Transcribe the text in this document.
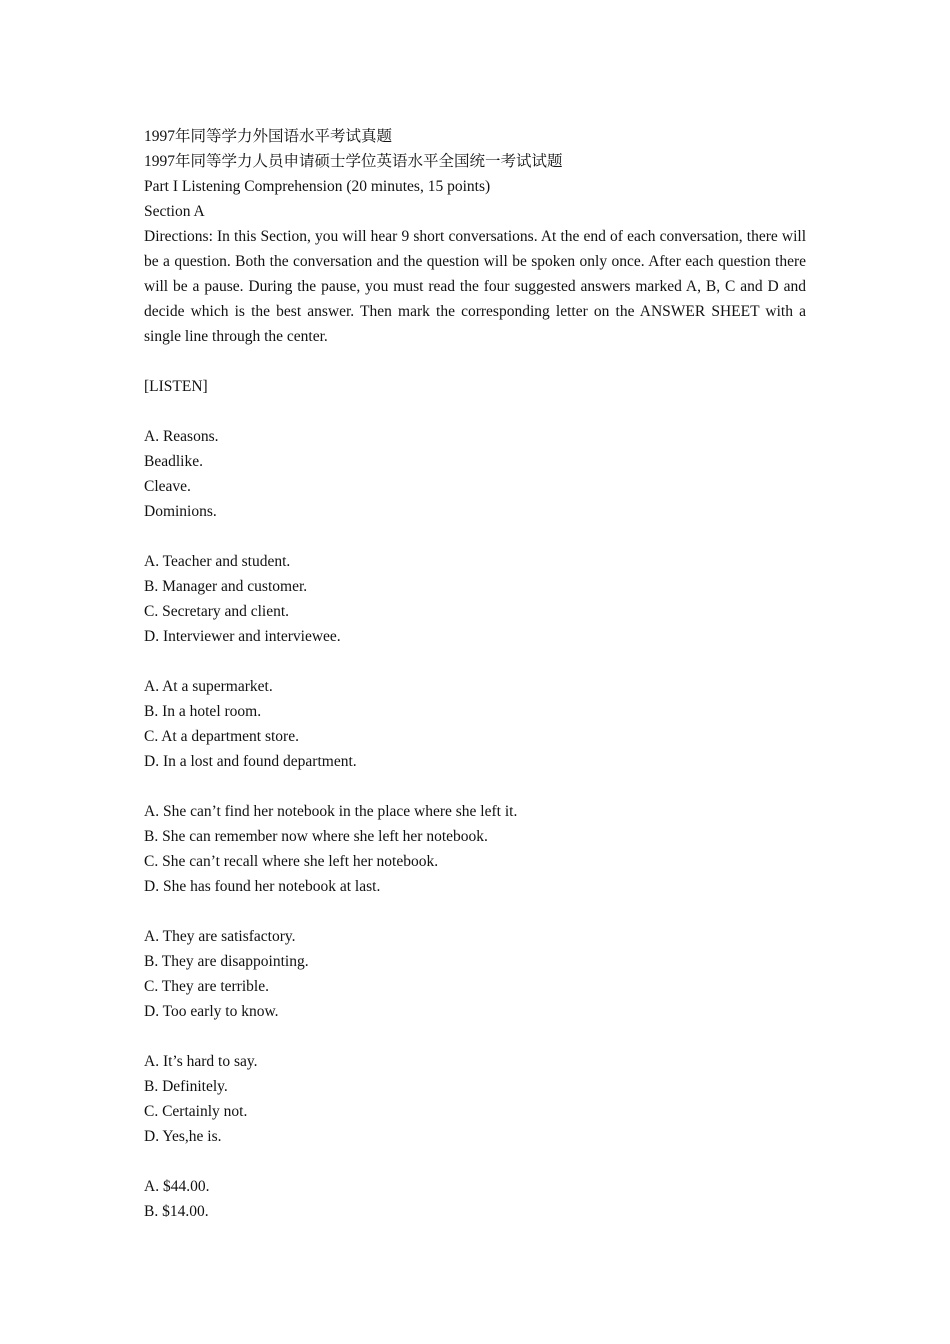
1997年同等学力外国语水平考试真题
1997年同等学力人员申请硕士学位英语水平全国统一考试试题
Part I Listening Comprehension (20 minutes, 15 points)
Section A
Directions: In this Section, you will hear 9 short conversations. At the end of each conversation, there will be a question. Both the conversation and the question will be spoken only once. After each question there will be a pause. During the pause, you must read the four suggested answers marked A, B, C and D and decide which is the best answer. Then mark the corresponding letter on the ANSWER SHEET with a single line through the center.
[LISTEN]
A. Reasons.
Beadlike.
Cleave.
Dominions.
A. Teacher and student.
B. Manager and customer.
C. Secretary and client.
D. Interviewer and interviewee.
A. At a supermarket.
B. In a hotel room.
C. At a department store.
D. In a lost and found department.
A. She can’t find her notebook in the place where she left it.
B. She can remember now where she left her notebook.
C. She can’t recall where she left her notebook.
D. She has found her notebook at last.
A. They are satisfactory.
B. They are disappointing.
C. They are terrible.
D. Too early to know.
A. It’s hard to say.
B. Definitely.
C. Certainly not.
D. Yes,he is.
A. $44.00.
B. $14.00.
